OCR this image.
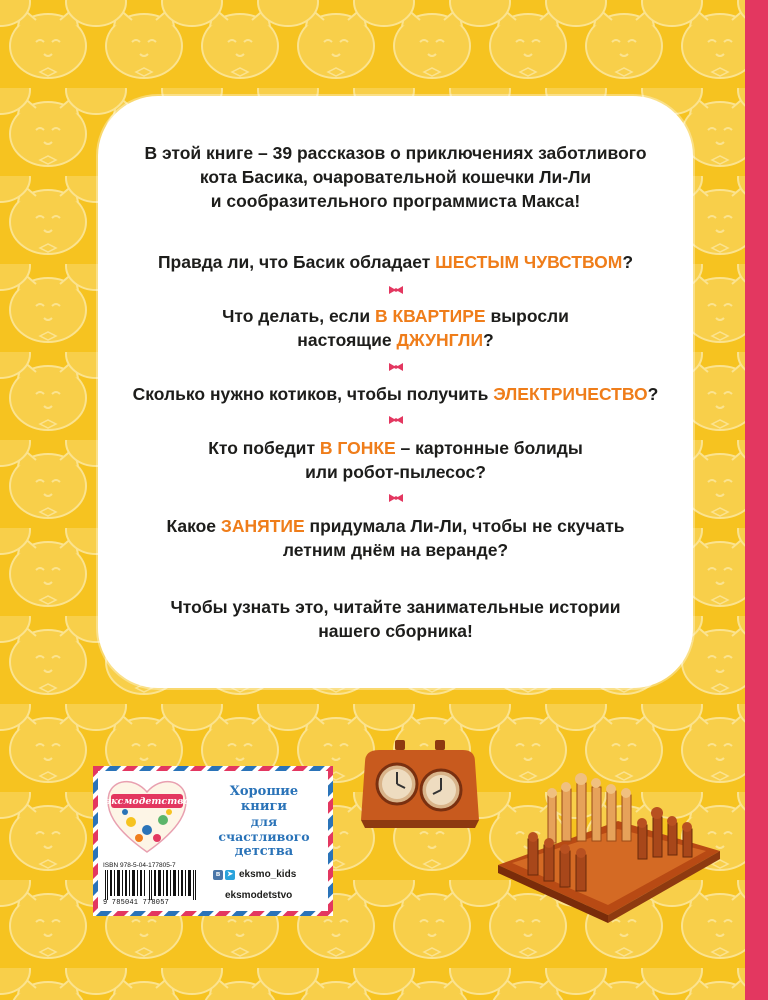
В этой книге – 39 рассказов о приключениях заботливого
кота Басика, очаровательной кошечки Ли-Ли
и сообразительного программиста Макса!
Правда ли, что Басик обладает ШЕСТЫМ ЧУВСТВОМ?
Что делать, если В КВАРТИРЕ выросли
настоящие ДЖУНГЛИ?
Сколько нужно котиков, чтобы получить ЭЛЕКТРИЧЕСТВО?
Кто победит В ГОНКЕ – картонные болиды
или робот-пылесос?
Какое ЗАНЯТИЕ придумала Ли-Ли, чтобы не скучать
летним днём на веранде?
Чтобы узнать это, читайте занимательные истории
нашего сборника!
эксмодетство
Хорошие
книги
для счастливого
детства
ISBN 978-5-04-177805-7
9 785041 778057
в ➤ eksmo_kids
eksmodetstvo
